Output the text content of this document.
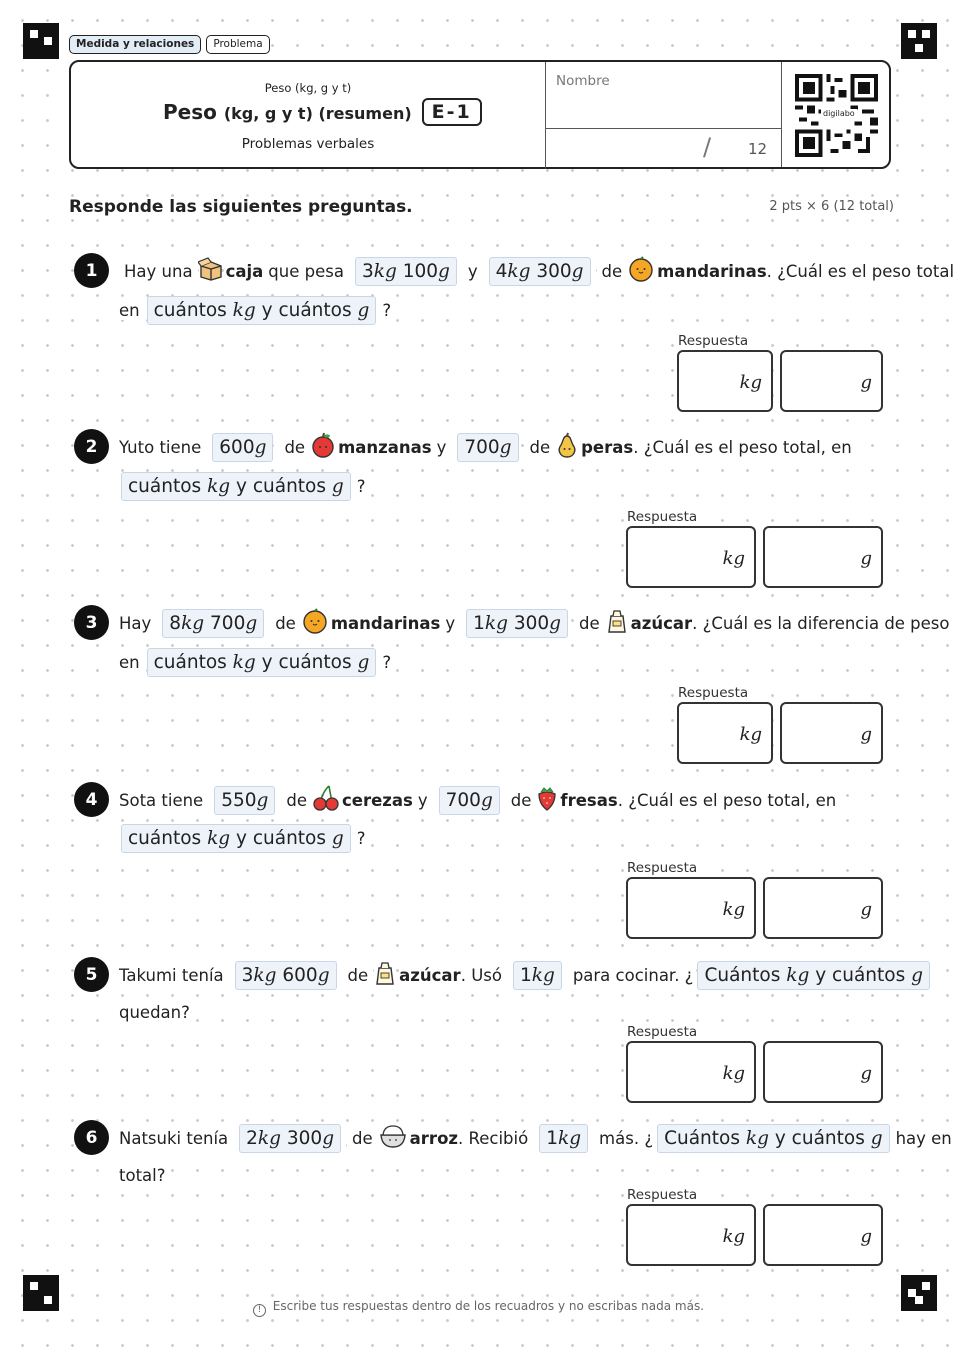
Medida y relaciones	Problema
Peso (kg, g y t)
Peso (kg, g y t) (resumen)	E-1
Problemas verbales
Nombre
/ 12
digilabo
Responde las siguientes preguntas.	2 pts × 6 (12 total)
1	Hay una	caja que pesa 3kg 100g	y 4kg 300g	de	mandarinas . ¿Cuál es el peso total
en cuántos kg y cuántos g ?
Respuesta
kg	g
2	Yuto tiene 600g	de	manzanas y 700g	de	peras . ¿Cuál es el peso total, en
cuántos kg y cuántos g ?
Respuesta
kg	g
3	Hay 8kg 700g	de	mandarinas y 1kg 300g	de	azúcar . ¿Cuál es la diferencia de peso
en cuántos kg y cuántos g ?
Respuesta
kg	g
4	Sota tiene 550g	de	cerezas y 700g	de	fresas . ¿Cuál es el peso total, en
cuántos kg y cuántos g ?
Respuesta
kg	g
5	Takumi tenía 3kg 600g	de	azúcar . Usó 1kg	para cocinar. ¿ Cuántos kg y cuántos g
quedan?
Respuesta
kg	g
6	Natsuki tenía 2kg 300g	de	arroz . Recibió 1kg	más. ¿ Cuántos kg y cuántos g hay en
total?
Respuesta
kg	g
! Escribe tus respuestas dentro de los recuadros y no escribas nada más.
